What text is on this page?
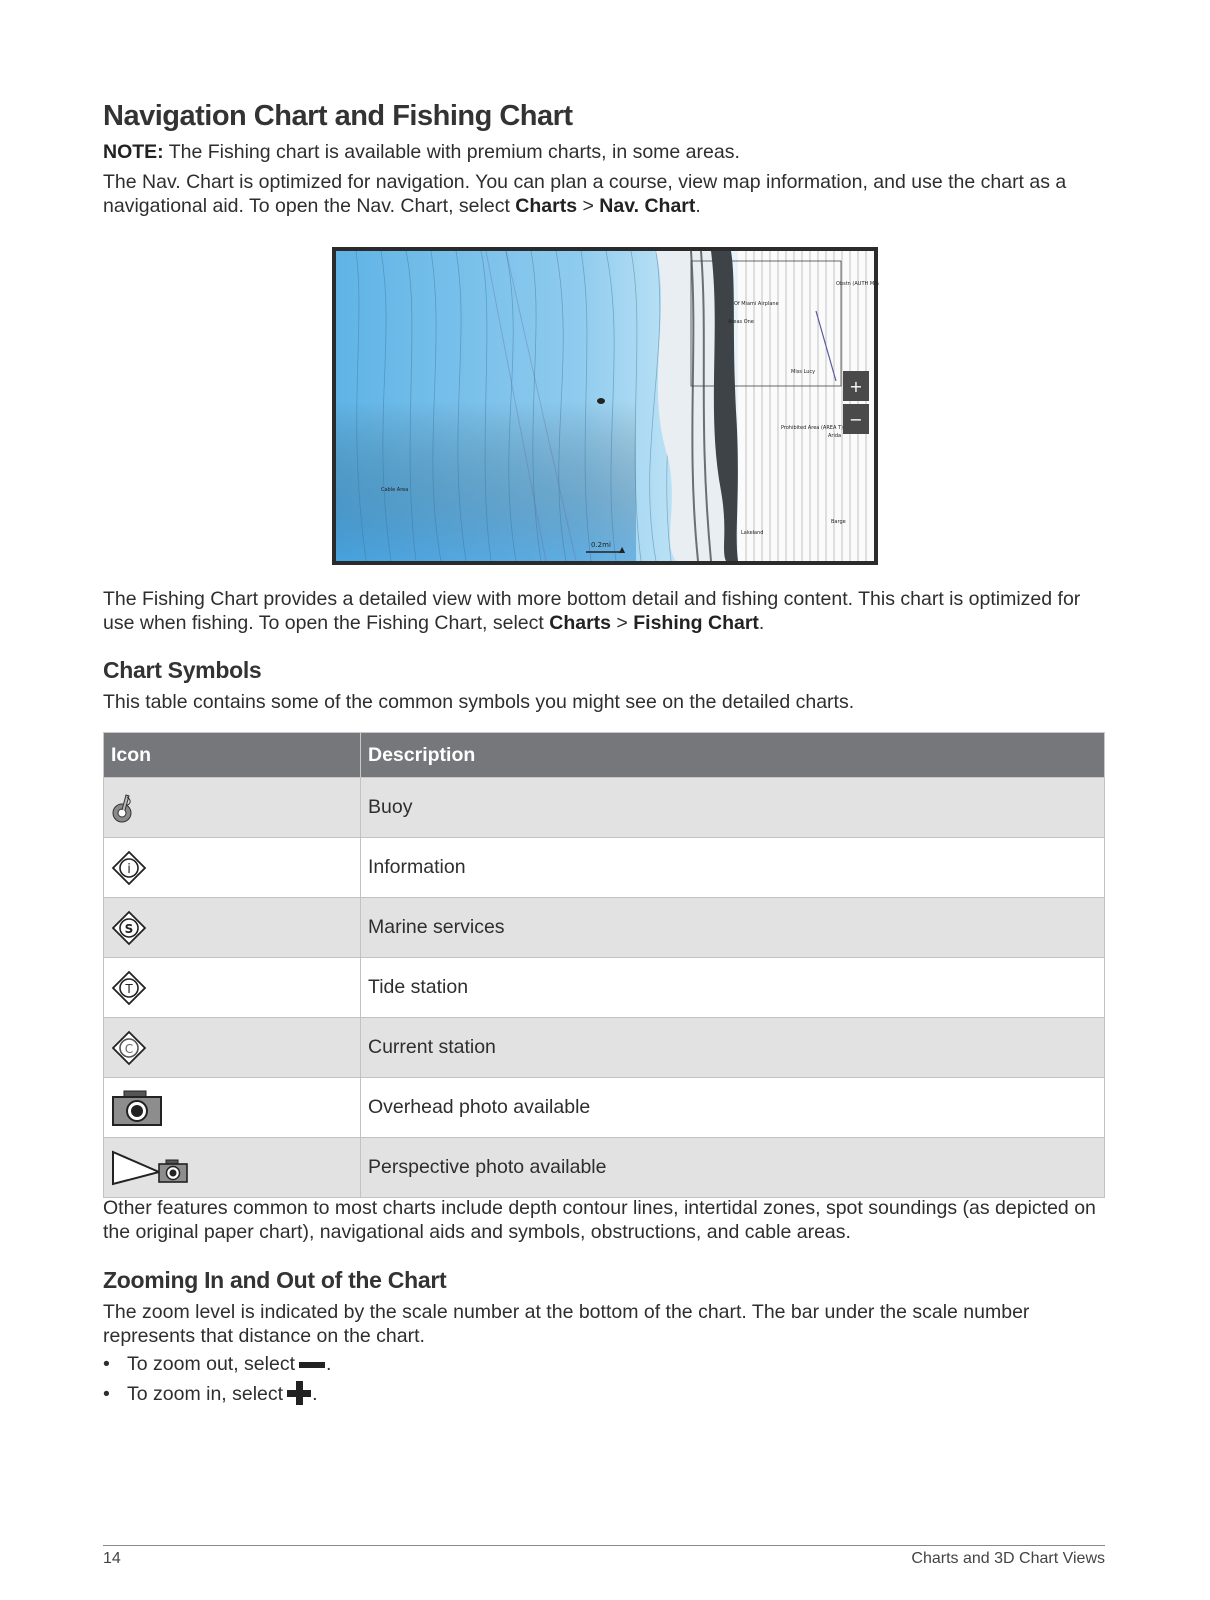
Navigation Chart and Fishing Chart

NOTE: The Fishing chart is available with premium charts, in some areas.

The Nav. Chart is optimized for navigation. You can plan a course, view map information, and use the chart as a navigational aid. To open the Nav. Chart, select Charts > Nav. Chart.

Cable Area
Miss Lucy
Lakeland
Barge
Prohibited Area (AREA T)
Arida
Obstn (AUTH Min
Areas One
Of Miami Airplane
+
−
0.2mi ▲

The Fishing Chart provides a detailed view with more bottom detail and fishing content. This chart is optimized for use when fishing. To open the Fishing Chart, select Charts > Fishing Chart.

Chart Symbols

This table contains some of the common symbols you might see on the detailed charts.

Icon	Description
	Buoy

i	Information

S	Marine services

T	Tide station

C	Current station
	Overhead photo available
	Perspective photo available

Other features common to most charts include depth contour lines, intertidal zones, spot soundings (as depicted on the original paper chart), navigational aids and symbols, obstructions, and cable areas.

Zooming In and Out of the Chart

The zoom level is indicated by the scale number at the bottom of the chart. The bar under the scale number represents that distance on the chart.

• To zoom out, select .
• To zoom in, select .
14	Charts and 3D Chart Views
